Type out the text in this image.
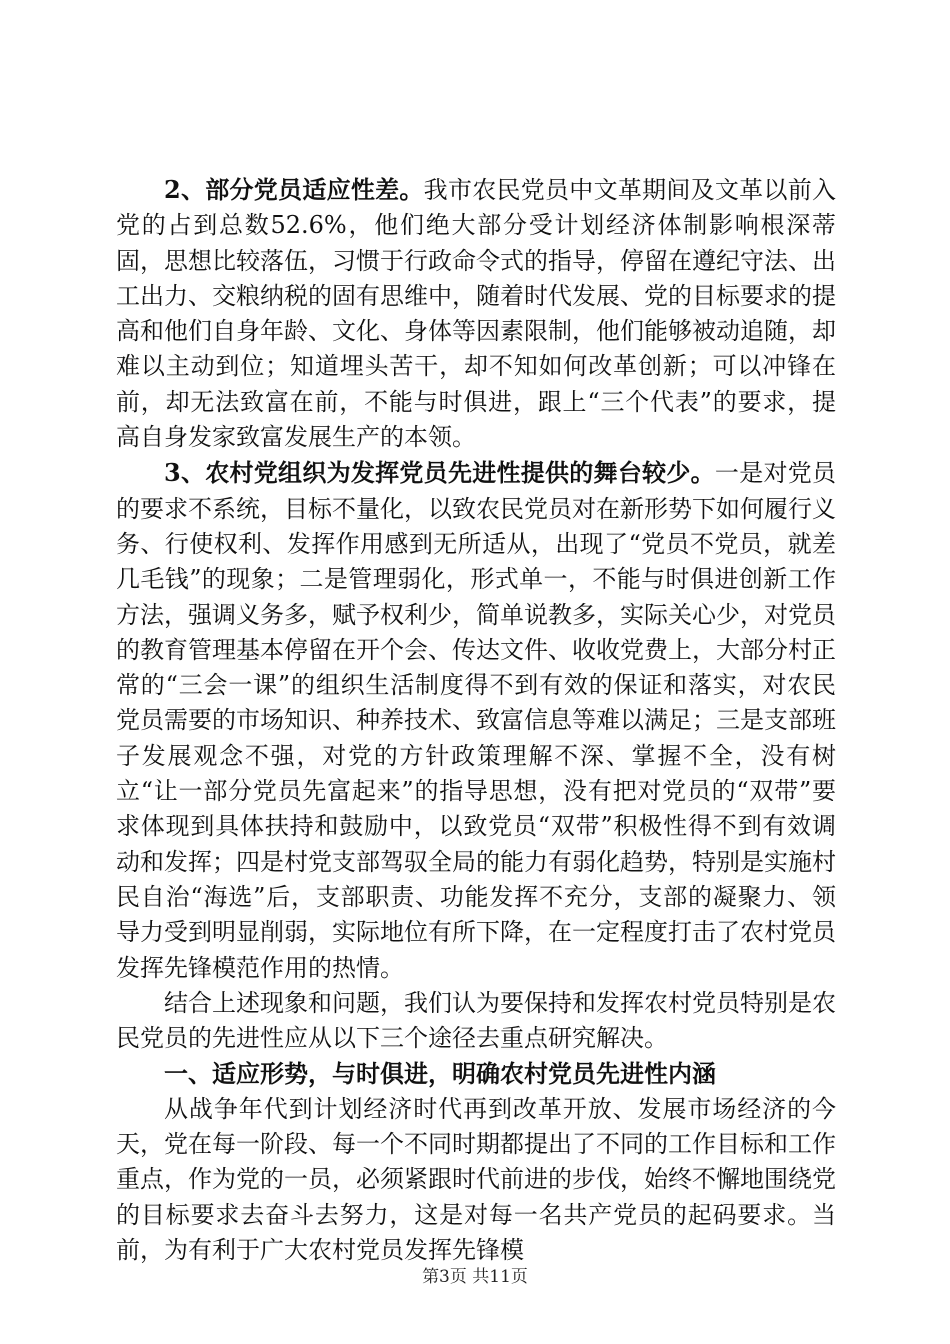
2、部分党员适应性差。我市农民党员中文革期间及文革以前入党的占到总数52.6%，他们绝大部分受计划经济体制影响根深蒂固，思想比较落伍，习惯于行政命令式的指导，停留在遵纪守法、出工出力、交粮纳税的固有思维中，随着时代发展、党的目标要求的提高和他们自身年龄、文化、身体等因素限制，他们能够被动追随，却难以主动到位；知道埋头苦干，却不知如何改革创新；可以冲锋在前，却无法致富在前，不能与时俱进，跟上“三个代表”的要求，提高自身发家致富发展生产的本领。

3、农村党组织为发挥党员先进性提供的舞台较少。一是对党员的要求不系统，目标不量化，以致农民党员对在新形势下如何履行义务、行使权利、发挥作用感到无所适从，出现了“党员不党员，就差几毛钱”的现象；二是管理弱化，形式单一，不能与时俱进创新工作方法，强调义务多，赋予权利少，简单说教多，实际关心少，对党员的教育管理基本停留在开个会、传达文件、收收党费上，大部分村正常的“三会一课”的组织生活制度得不到有效的保证和落实，对农民党员需要的市场知识、种养技术、致富信息等难以满足；三是支部班子发展观念不强，对党的方针政策理解不深、掌握不全，没有树立“让一部分党员先富起来”的指导思想，没有把对党员的“双带”要求体现到具体扶持和鼓励中，以致党员“双带”积极性得不到有效调动和发挥；四是村党支部驾驭全局的能力有弱化趋势，特别是实施村民自治“海选”后，支部职责、功能发挥不充分，支部的凝聚力、领导力受到明显削弱，实际地位有所下降，在一定程度打击了农村党员发挥先锋模范作用的热情。

结合上述现象和问题，我们认为要保持和发挥农村党员特别是农民党员的先进性应从以下三个途径去重点研究解决。

一、适应形势，与时俱进，明确农村党员先进性内涵

从战争年代到计划经济时代再到改革开放、发展市场经济的今天，党在每一阶段、每一个不同时期都提出了不同的工作目标和工作重点，作为党的一员，必须紧跟时代前进的步伐，始终不懈地围绕党的目标要求去奋斗去努力，这是对每一名共产党员的起码要求。当前，为有利于广大农村党员发挥先锋模

第3页 共11页
